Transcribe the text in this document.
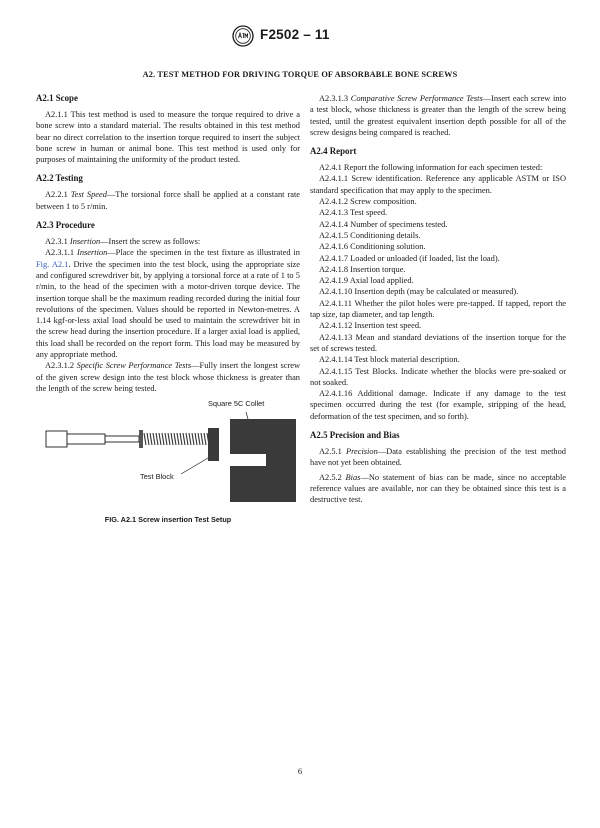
F2502 – 11
A2. TEST METHOD FOR DRIVING TORQUE OF ABSORBABLE BONE SCREWS
A2.1 Scope

A2.1.1 This test method is used to measure the torque required to drive a bone screw into a standard material. The results obtained in this test method bear no direct correlation to the insertion torque required to insert the subject bone screw in human or animal bone. This test method is used only for purposes of maintaining the uniformity of the product tested.

A2.2 Testing

A2.2.1 Test Speed—The torsional force shall be applied at a constant rate between 1 to 5 r/min.

A2.3 Procedure

A2.3.1 Insertion—Insert the screw as follows:

A2.3.1.1 Insertion—Place the specimen in the test fixture as illustrated in Fig. A2.1. Drive the specimen into the test block, using the appropriate size and configured screwdriver bit, by applying a torsional force at a rate of 1 to 5 r/min, to the head of the specimen with a motor-driven torque device. The insertion torque shall be the maximum reading recorded during the initial four revolutions of the specimen. Values should be reported in Newton-metres. A 1.14 kgf-or-less axial load should be used to maintain the screwdriver bit in the screw head during the insertion procedure. If a larger axial load is applied, this load shall be recorded on the report form. This load may be measured by any appropriate method.

A2.3.1.2 Specific Screw Performance Tests—Fully insert the longest screw of the given screw design into the test block whose thickness is greater than the length of the screw being tested.

Square 5C Collet
Test Block
FIG. A2.1 Screw insertion Test Setup

A2.3.1.3 Comparative Screw Performance Tests—Insert each screw into a test block, whose thickness is greater than the length of the screw being tested, until the greatest equivalent insertion depth possible for all of the screw designs being compared is reached.

A2.4 Report

A2.4.1 Report the following information for each specimen tested:

A2.4.1.1 Screw identification. Reference any applicable ASTM or ISO standard specification that may apply to the specimen.

A2.4.1.2 Screw composition.

A2.4.1.3 Test speed.

A2.4.1.4 Number of specimens tested.

A2.4.1.5 Conditioning details.

A2.4.1.6 Conditioning solution.

A2.4.1.7 Loaded or unloaded (if loaded, list the load).

A2.4.1.8 Insertion torque.

A2.4.1.9 Axial load applied.

A2.4.1.10 Insertion depth (may be calculated or measured).

A2.4.1.11 Whether the pilot holes were pre-tapped. If tapped, report the tap size, tap diameter, and tap length.

A2.4.1.12 Insertion test speed.

A2.4.1.13 Mean and standard deviations of the insertion torque for the set of screws tested.

A2.4.1.14 Test block material description.

A2.4.1.15 Test Blocks. Indicate whether the blocks were pre-soaked or not soaked.

A2.4.1.16 Additional damage. Indicate if any damage to the test specimen occurred during the test (for example, stripping of the head, deformation of the test specimen, and so forth).

A2.5 Precision and Bias

A2.5.1 Precision—Data establishing the precision of the test method have not yet been obtained.

A2.5.2 Bias—No statement of bias can be made, since no acceptable reference values are available, nor can they be obtained since this test is a destructive test.

6
